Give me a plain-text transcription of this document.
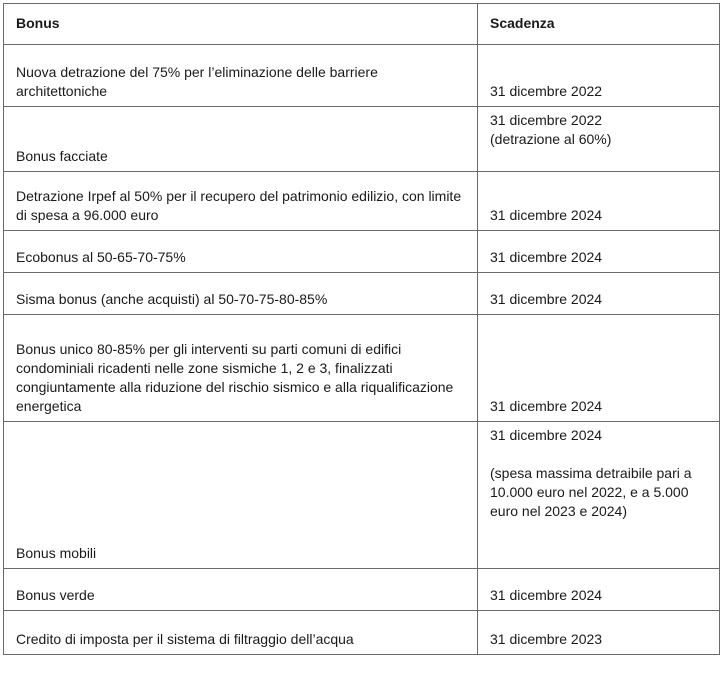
Bonus	Scadenza
Nuova detrazione del 75% per l’eliminazione delle barriere architettoniche	31 dicembre 2022
Bonus facciate	31 dicembre 2022
(detrazione al 60%)

Detrazione Irpef al 50% per il recupero del patrimonio edilizio, con limite di spesa a 96.000 euro	31 dicembre 2024
Ecobonus al 50-65-70-75%	31 dicembre 2024
Sisma bonus (anche acquisti) al 50-70-75-80-85%	31 dicembre 2024
Bonus unico 80-85% per gli interventi su parti comuni di edifici condominiali ricadenti nelle zone sismiche 1, 2 e 3, finalizzati congiuntamente alla riduzione del rischio sismico e alla riqualificazione energetica	31 dicembre 2024
Bonus mobili	31 dicembre 2024
(spesa massima detraibile pari a 10.000 euro nel 2022, e a 5.000 euro nel 2023 e 2024)

Bonus verde	31 dicembre 2024
Credito di imposta per il sistema di filtraggio dell’acqua	31 dicembre 2023
